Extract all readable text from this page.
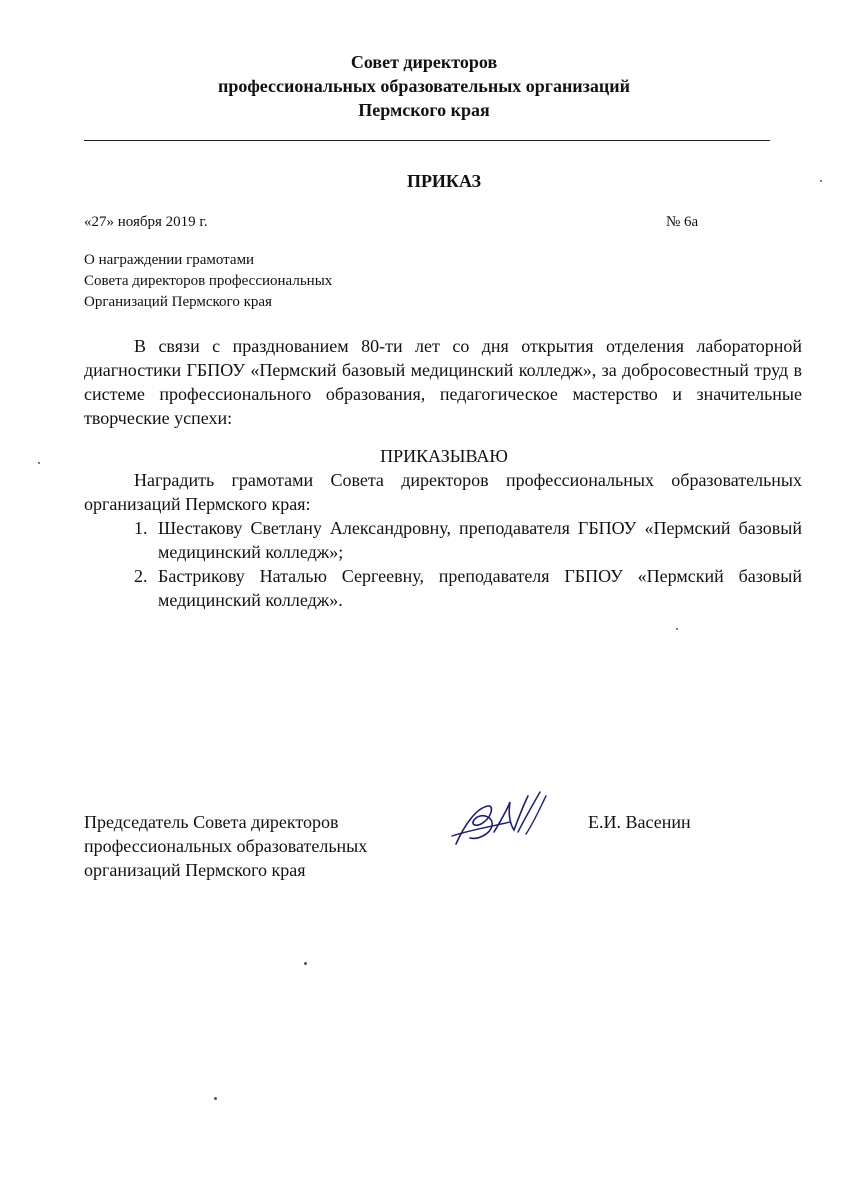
Совет директоров
профессиональных образовательных организаций
Пермского края
ПРИКАЗ
«27» ноября 2019 г.	№ 6а
О награждении грамотами
Совета директоров профессиональных
Организаций Пермского края
В связи с празднованием 80-ти лет со дня открытия отделения лабораторной диагностики ГБПОУ «Пермский базовый медицинский колледж», за добросовестный труд в системе профессионального образования, педагогическое мастерство и значительные творческие успехи:
ПРИКАЗЫВАЮ
Наградить грамотами Совета директоров профессиональных образовательных организаций Пермского края:
1. Шестакову Светлану Александровну, преподавателя ГБПОУ «Пермский базовый медицинский колледж»;
2. Бастрикову Наталью Сергеевну, преподавателя ГБПОУ «Пермский базовый медицинский колледж».
Председатель Совета директоров
профессиональных образовательных
организаций Пермского края
Е.И. Васенин
